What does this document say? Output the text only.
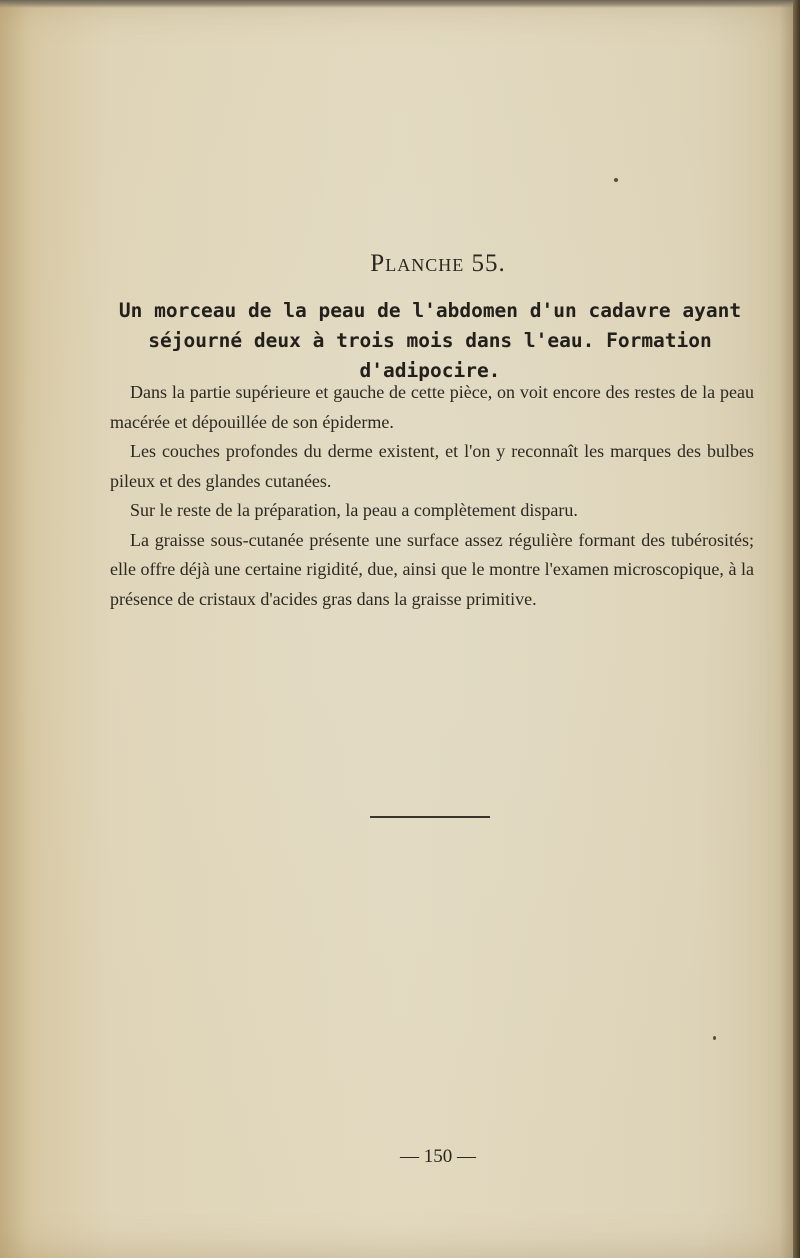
Planche 55.
Un morceau de la peau de l'abdomen d'un cadavre ayant
séjourné deux à trois mois dans l'eau. Formation d'adipocire.

Dans la partie supérieure et gauche de cette pièce, on voit encore des restes de la peau macérée et dépouillée de son épiderme.

Les couches profondes du derme existent, et l'on y reconnaît les marques des bulbes pileux et des glandes cutanées.

Sur le reste de la préparation, la peau a complètement disparu.

La graisse sous-cutanée présente une surface assez régulière formant des tubérosités; elle offre déjà une certaine rigidité, due, ainsi que le montre l'examen microscopique, à la présence de cristaux d'acides gras dans la graisse primitive.

— 150 —
